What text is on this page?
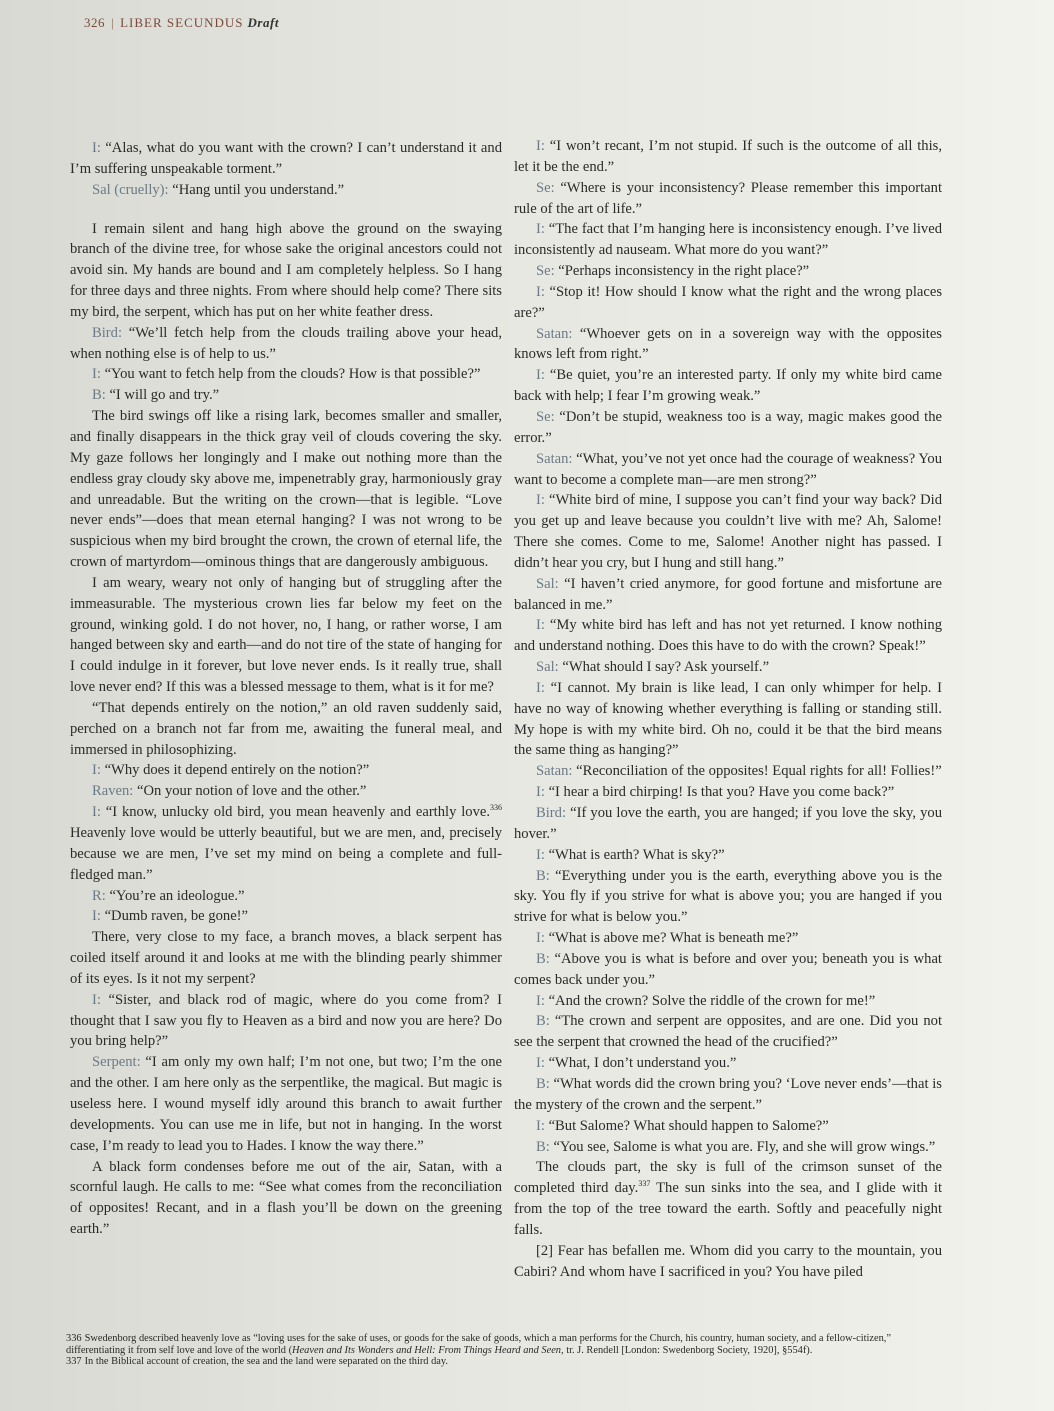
326 | LIBER SECUNDUS Draft

I: “Alas, what do you want with the crown? I can’t understand it and I’m suffering unspeakable torment.”

Sal (cruelly): “Hang until you understand.”

I remain silent and hang high above the ground on the swaying branch of the divine tree, for whose sake the original ancestors could not avoid sin. My hands are bound and I am completely helpless. So I hang for three days and three nights. From where should help come? There sits my bird, the serpent, which has put on her white feather dress.

Bird: “We’ll fetch help from the clouds trailing above your head, when nothing else is of help to us.”

I: “You want to fetch help from the clouds? How is that possible?”

B: “I will go and try.”

The bird swings off like a rising lark, becomes smaller and smaller, and finally disappears in the thick gray veil of clouds covering the sky. My gaze follows her longingly and I make out nothing more than the endless gray cloudy sky above me, impenetrably gray, harmoniously gray and unreadable. But the writing on the crown—that is legible. “Love never ends”—does that mean eternal hanging? I was not wrong to be suspicious when my bird brought the crown, the crown of eternal life, the crown of martyrdom—ominous things that are dangerously ambiguous.

I am weary, weary not only of hanging but of struggling after the immeasurable. The mysterious crown lies far below my feet on the ground, winking gold. I do not hover, no, I hang, or rather worse, I am hanged between sky and earth—and do not tire of the state of hanging for I could indulge in it forever, but love never ends. Is it really true, shall love never end? If this was a blessed message to them, what is it for me?

“That depends entirely on the notion,” an old raven suddenly said, perched on a branch not far from me, awaiting the funeral meal, and immersed in philosophizing.

I: “Why does it depend entirely on the notion?”

Raven: “On your notion of love and the other.”

I: “I know, unlucky old bird, you mean heavenly and earthly love.$^{336}$ Heavenly love would be utterly beautiful, but we are men, and, precisely because we are men, I’ve set my mind on being a complete and full-fledged man.”

R: “You’re an ideologue.”

I: “Dumb raven, be gone!”

There, very close to my face, a branch moves, a black serpent has coiled itself around it and looks at me with the blinding pearly shimmer of its eyes. Is it not my serpent?

I: “Sister, and black rod of magic, where do you come from? I thought that I saw you fly to Heaven as a bird and now you are here? Do you bring help?”

Serpent: “I am only my own half; I’m not one, but two; I’m the one and the other. I am here only as the serpentlike, the magical. But magic is useless here. I wound myself idly around this branch to await further developments. You can use me in life, but not in hanging. In the worst case, I’m ready to lead you to Hades. I know the way there.”

A black form condenses before me out of the air, Satan, with a scornful laugh. He calls to me: “See what comes from the reconciliation of opposites! Recant, and in a flash you’ll be down on the greening earth.”

I: “I won’t recant, I’m not stupid. If such is the outcome of all this, let it be the end.”

Se: “Where is your inconsistency? Please remember this important rule of the art of life.”

I: “The fact that I’m hanging here is inconsistency enough. I’ve lived inconsistently ad nauseam. What more do you want?”

Se: “Perhaps inconsistency in the right place?”

I: “Stop it! How should I know what the right and the wrong places are?”

Satan: “Whoever gets on in a sovereign way with the opposites knows left from right.”

I: “Be quiet, you’re an interested party. If only my white bird came back with help; I fear I’m growing weak.”

Se: “Don’t be stupid, weakness too is a way, magic makes good the error.”

Satan: “What, you’ve not yet once had the courage of weakness? You want to become a complete man—are men strong?”

I: “White bird of mine, I suppose you can’t find your way back? Did you get up and leave because you couldn’t live with me? Ah, Salome! There she comes. Come to me, Salome! Another night has passed. I didn’t hear you cry, but I hung and still hang.”

Sal: “I haven’t cried anymore, for good fortune and misfortune are balanced in me.”

I: “My white bird has left and has not yet returned. I know nothing and understand nothing. Does this have to do with the crown? Speak!”

Sal: “What should I say? Ask yourself.”

I: “I cannot. My brain is like lead, I can only whimper for help. I have no way of knowing whether everything is falling or standing still. My hope is with my white bird. Oh no, could it be that the bird means the same thing as hanging?”

Satan: “Reconciliation of the opposites! Equal rights for all! Follies!”

I: “I hear a bird chirping! Is that you? Have you come back?”

Bird: “If you love the earth, you are hanged; if you love the sky, you hover.”

I: “What is earth? What is sky?”

B: “Everything under you is the earth, everything above you is the sky. You fly if you strive for what is above you; you are hanged if you strive for what is below you.”

I: “What is above me? What is beneath me?”

B: “Above you is what is before and over you; beneath you is what comes back under you.”

I: “And the crown? Solve the riddle of the crown for me!”

B: “The crown and serpent are opposites, and are one. Did you not see the serpent that crowned the head of the crucified?”

I: “What, I don’t understand you.”

B: “What words did the crown bring you? ‘Love never ends’—that is the mystery of the crown and the serpent.”

I: “But Salome? What should happen to Salome?”

B: “You see, Salome is what you are. Fly, and she will grow wings.”

The clouds part, the sky is full of the crimson sunset of the completed third day.$^{337}$ The sun sinks into the sea, and I glide with it from the top of the tree toward the earth. Softly and peacefully night falls.

[2] Fear has befallen me. Whom did you carry to the mountain, you Cabiri? And whom have I sacrificed in you? You have piled

336 Swedenborg described heavenly love as “loving uses for the sake of uses, or goods for the sake of goods, which a man performs for the Church, his country, human society, and a fellow-citizen,” differentiating it from self love and love of the world (Heaven and Its Wonders and Hell: From Things Heard and Seen, tr. J. Rendell [London: Swedenborg Society, 1920], §554f).

337 In the Biblical account of creation, the sea and the land were separated on the third day.
